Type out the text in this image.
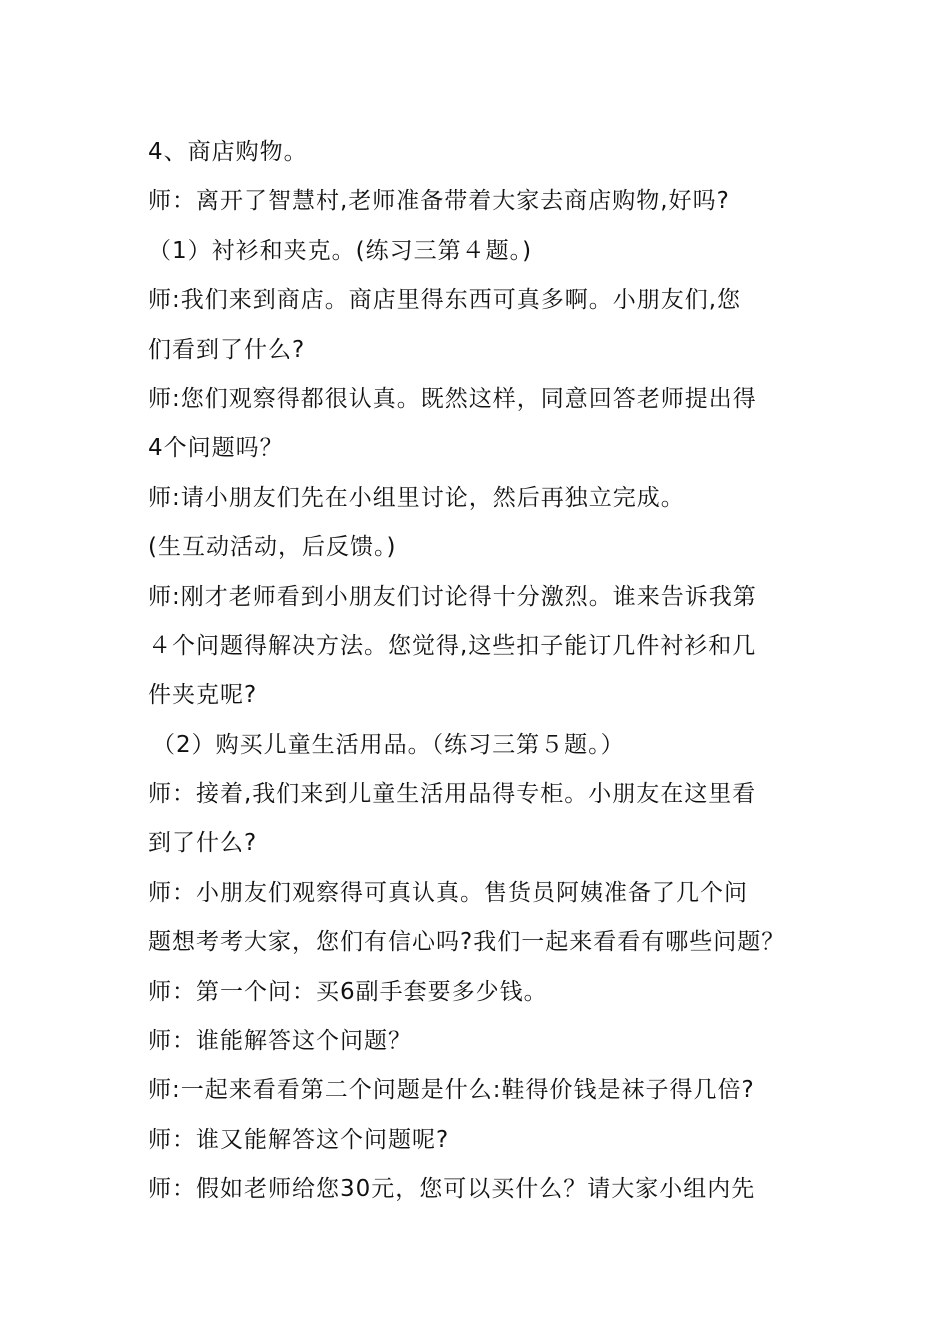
4、商店购物。
师：离开了智慧村,老师准备带着大家去商店购物,好吗?
（1）衬衫和夹克。(练习三第４题。)
师:我们来到商店。商店里得东西可真多啊。小朋友们,您
们看到了什么?
师:您们观察得都很认真。既然这样，同意回答老师提出得
4个问题吗？
师:请小朋友们先在小组里讨论，然后再独立完成。
(生互动活动，后反馈。)
师:刚才老师看到小朋友们讨论得十分激烈。谁来告诉我第
４个问题得解决方法。您觉得,这些扣子能订几件衬衫和几
件夹克呢?
（2）购买儿童生活用品。（练习三第５题。）
师：接着,我们来到儿童生活用品得专柜。小朋友在这里看
到了什么?
师：小朋友们观察得可真认真。售货员阿姨准备了几个问
题想考考大家，您们有信心吗?我们一起来看看有哪些问题？
师：第一个问：买6副手套要多少钱。
师：谁能解答这个问题？
师:一起来看看第二个问题是什么:鞋得价钱是袜子得几倍?
师：谁又能解答这个问题呢?
师：假如老师给您30元，您可以买什么？请大家小组内先
